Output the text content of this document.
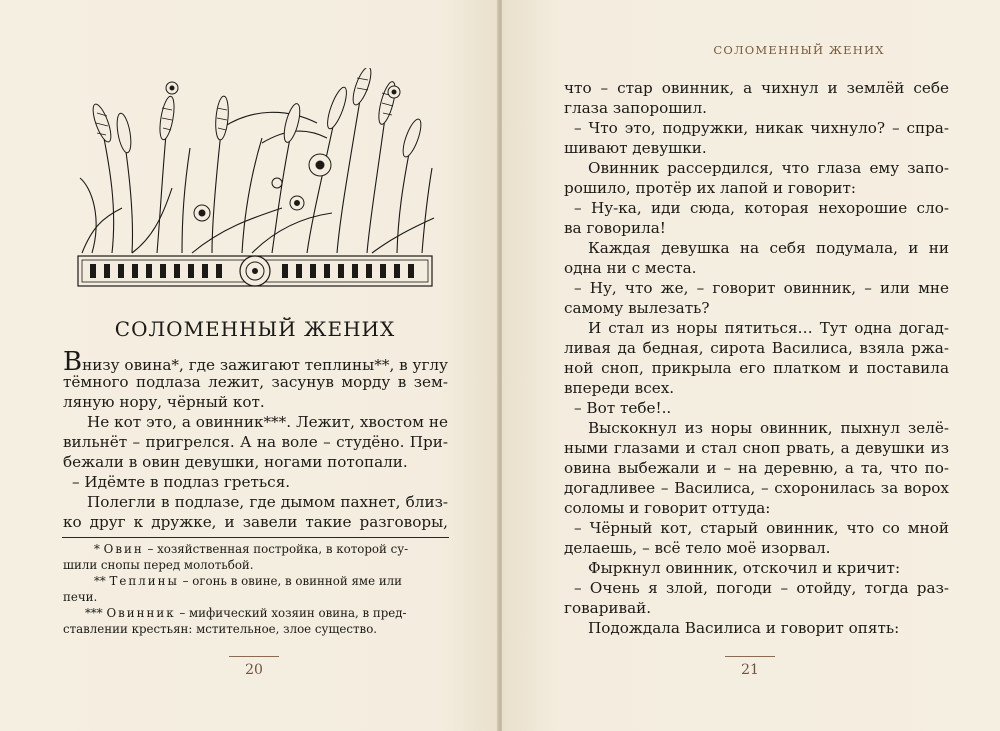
СОЛОМЕННЫЙ ЖЕНИХ
Внизу овина*, где зажигают теплины**, в углу
тёмного подлаза лежит, засунув морду в зем-
ляную нору, чёрный кот.
Не кот это, а овинник***. Лежит, хвостом не
вильнёт – пригрелся. А на воле – студёно. При-
бежали в овин девушки, ногами потопали.
– Идёмте в подлаз греться.
Полегли в подлазе, где дымом пахнет, близ-
ко друг к дружке, и завели такие разговоры,
* Овин – хозяйственная постройка, в которой су-
шили снопы перед молотьбой.
** Теплины – огонь в овине, в овинной яме или
печи.
*** Овинник – мифический хозяин овина, в пред-
ставлении крестьян: мстительное, злое существо.
20
СОЛОМЕННЫЙ ЖЕНИХ
что – стар овинник, а чихнул и землёй себе
глаза запорошил.
– Что это, подружки, никак чихнуло? – спра-
шивают девушки.
Овинник рассердился, что глаза ему запо-
рошило, протёр их лапой и говорит:
– Ну-ка, иди сюда, которая нехорошие сло-
ва говорила!
Каждая девушка на себя подумала, и ни
одна ни с места.
– Ну, что же, – говорит овинник, – или мне
самому вылезать?
И стал из норы пятиться… Тут одна догад-
ливая да бедная, сирота Василиса, взяла ржа-
ной сноп, прикрыла его платком и поставила
впереди всех.
– Вот тебе!..
Выскокнул из норы овинник, пыхнул зелё-
ными глазами и стал сноп рвать, а девушки из
овина выбежали и – на деревню, а та, что по-
догадливее – Василиса, – схоронилась за ворох
соломы и говорит оттуда:
– Чёрный кот, старый овинник, что со мной
делаешь, – всё тело моё изорвал.
Фыркнул овинник, отскочил и кричит:
– Очень я злой, погоди – отойду, тогда раз-
говаривай.
Подождала Василиса и говорит опять:
21
